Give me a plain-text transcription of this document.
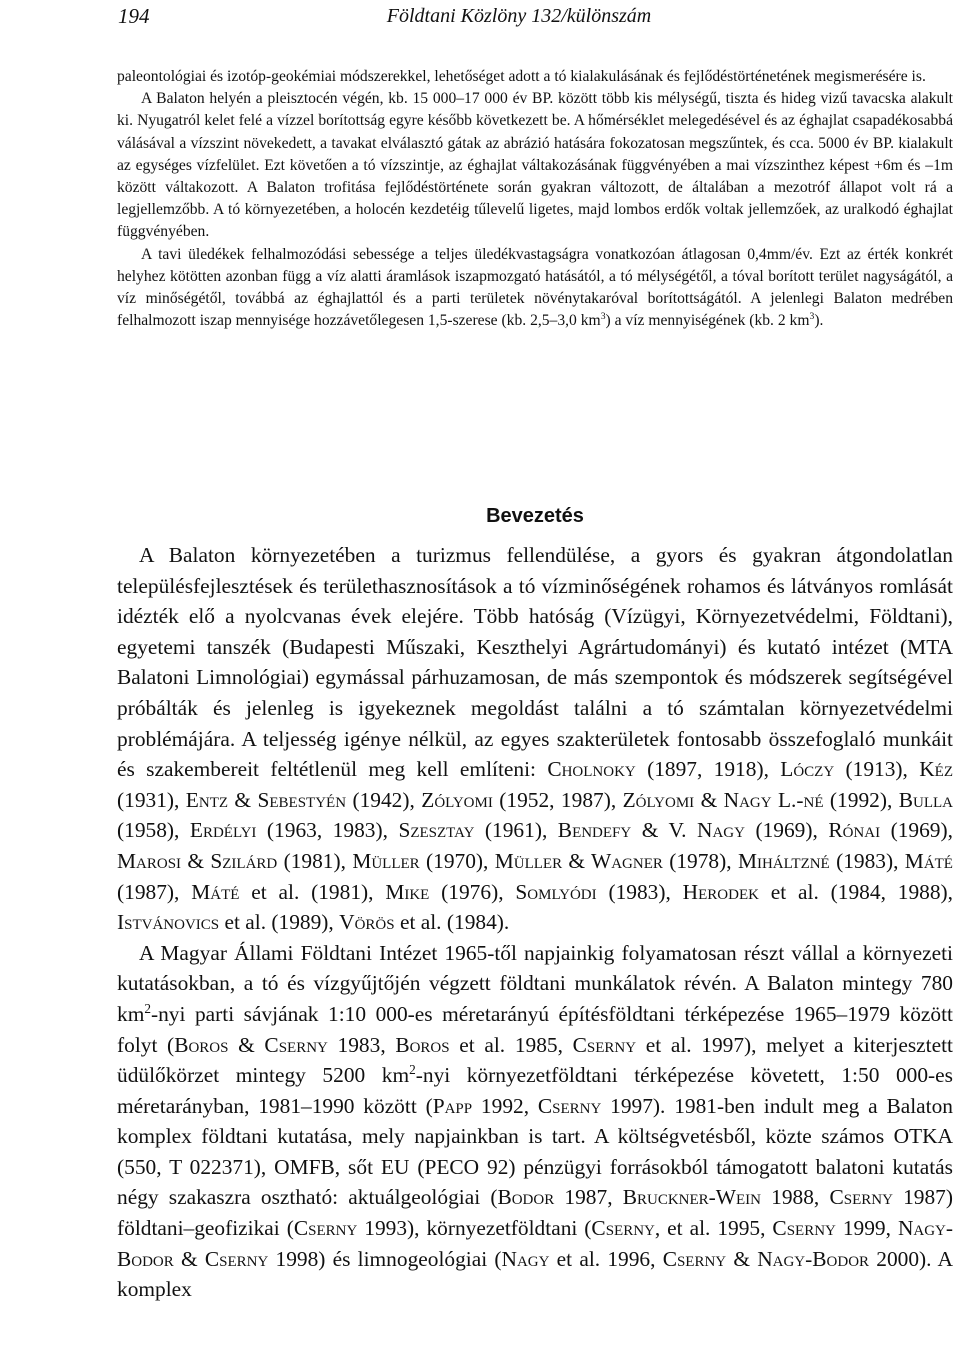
194	Földtani Közlöny 132/különszám

paleontológiai és izotóp-geokémiai módszerekkel, lehetőséget adott a tó kialakulásának és fejlődéstörténetének megismerésére is.

A Balaton helyén a pleisztocén végén, kb. 15 000–17 000 év BP. között több kis mélységű, tiszta és hideg vizű tavacska alakult ki. Nyugatról kelet felé a vízzel borítottság egyre később következett be. A hőmérséklet melegedésével és az éghajlat csapadékosabbá válásával a vízszint növekedett, a tavakat elválasztó gátak az abrázió hatására fokozatosan megszűntek, és cca. 5000 év BP. kialakult az egységes vízfelület. Ezt követően a tó vízszintje, az éghajlat váltakozásának függvényében a mai vízszinthez képest +6m és –1m között váltakozott. A Balaton trofitása fejlődéstörténete során gyakran változott, de általában a mezotróf állapot volt rá a legjellemzőbb. A tó környezetében, a holocén kezdetéig tűlevelű ligetes, majd lombos erdők voltak jellemzőek, az uralkodó éghajlat függvényében.

A tavi üledékek felhalmozódási sebessége a teljes üledékvastagságra vonatkozóan átlagosan 0,4mm/év. Ezt az érték konkrét helyhez kötötten azonban függ a víz alatti áramlások iszapmozgató hatásától, a tó mélységétől, a tóval borított terület nagyságától, a víz minőségétől, továbbá az éghajlattól és a parti területek növénytakaróval borítottságától. A jelenlegi Balaton medrében felhalmozott iszap mennyisége hozzávetőlegesen 1,5-szerese (kb. 2,5–3,0 $km^3$) a víz mennyiségének (kb. 2 $km^3$).

Bevezetés

A Balaton környezetében a turizmus fellendülése, a gyors és gyakran átgondolatlan településfejlesztések és területhasznosítások a tó vízminőségének rohamos és látványos romlását idézték elő a nyolcvanas évek elejére. Több hatóság (Vízügyi, Környezetvédelmi, Földtani), egyetemi tanszék (Budapesti Műszaki, Keszthelyi Agrártudományi) és kutató intézet (MTA Balatoni Limnológiai) egymással párhuzamosan, de más szempontok és módszerek segítségével próbálták és jelenleg is igyekeznek megoldást találni a tó számtalan környezetvédelmi problémájára. A teljesség igénye nélkül, az egyes szakterületek fontosabb összefoglaló munkáit és szakembereit feltétlenül meg kell említeni: Cholnoky (1897, 1918), Lóczy (1913), Kéz (1931), Entz & Sebestyén (1942), Zólyomi (1952, 1987), Zólyomi & Nagy L.-né (1992), Bulla (1958), Erdélyi (1963, 1983), Szesztay (1961), Bendefy & V. Nagy (1969), Rónai (1969), Marosi & Szilárd (1981), Müller (1970), Müller & Wagner (1978), Miháltzné (1983), Máté (1987), Máté et al. (1981), Mike (1976), Somlyódi (1983), Herodek et al. (1984, 1988), Istvánovics et al. (1989), Vörös et al. (1984).

A Magyar Állami Földtani Intézet 1965-től napjainkig folyamatosan részt vállal a környezeti kutatásokban, a tó és vízgyűjtőjén végzett földtani munkálatok révén. A Balaton mintegy 780 $km^2$-nyi parti sávjának 1:10 000-es méretarányú építésföldtani térképezése 1965–1979 között folyt (Boros & Cserny 1983, Boros et al. 1985, Cserny et al. 1997), melyet a kiterjesztett üdülőkörzet mintegy 5200 $km^2$-nyi környezetföldtani térképezése követett, 1:50 000-es méretarányban, 1981–1990 között (Papp 1992, Cserny 1997). 1981-ben indult meg a Balaton komplex földtani kutatása, mely napjainkban is tart. A költségvetésből, közte számos OTKA (550, T 022371), OMFB, sőt EU (PECO 92) pénzügyi forrásokból támogatott balatoni kutatás négy szakaszra osztható: aktuálgeológiai (Bodor 1987, Bruckner-Wein 1988, Cserny 1987) földtani–geofizikai (Cserny 1993), környezetföldtani (Cserny, et al. 1995, Cserny 1999, Nagy-Bodor & Cserny 1998) és limnogeológiai (Nagy et al. 1996, Cserny & Nagy-Bodor 2000). A komplex
